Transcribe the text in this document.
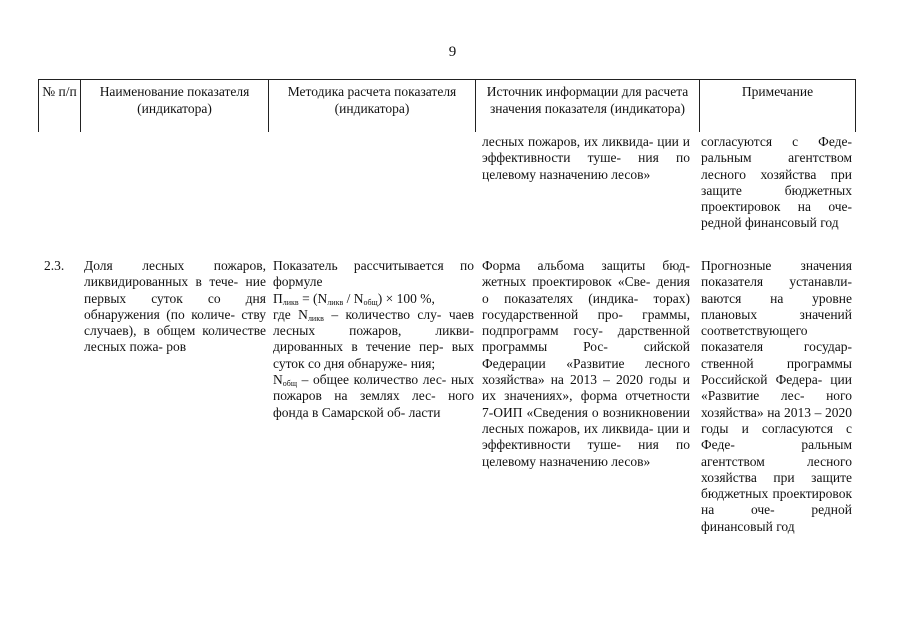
9
№ п/п	Наименование показателя (индикатора)
Методика расчета показателя (индикатора)
Источник информации для расчета значения показателя (индикатора)
Примечание
лесных пожаров, их ликвида- ции и эффективности туше- ния по целевому назначению лесов»
согласуются с Феде- ральным агентством лесного хозяйства при защите бюджетных проектировок на оче- редной финансовый год
2.3.	Доля лесных пожаров, ликвидированных в тече- ние первых суток со дня обнаружения (по количе- ству случаев), в общем количестве лесных пожа- ров
Показатель рассчитывается по формуле
$П_{ликв} = (N_{ликв} / N_{общ}) \times 100$ %,
где $N_{ликв}$ – количество слу- чаев лесных пожаров, ликви- дированных в течение пер- вых суток со дня обнаруже- ния;
$N_{общ}$ – общее количество лес- ных пожаров на землях лес- ного фонда в Самарской об- ласти
Форма альбома защиты бюд- жетных проектировок «Све- дения о показателях (индика- торах) государственной про- граммы, подпрограмм госу- дарственной программы Рос- сийской Федерации «Развитие лесного хозяйства» на 2013 – 2020 годы и их значениях», форма отчетности 7-ОИП «Сведения о возникновении лесных пожаров, их ликвида- ции и эффективности туше- ния по целевому назначению лесов»
Прогнозные значения показателя устанавли- ваются на уровне плановых значений соответствующего показателя государ- ственной программы Российской Федера- ции «Развитие лес- ного хозяйства» на 2013 – 2020 годы и согласуются с Феде- ральным агентством лесного хозяйства при защите бюджетных проектировок на оче- редной финансовый год
